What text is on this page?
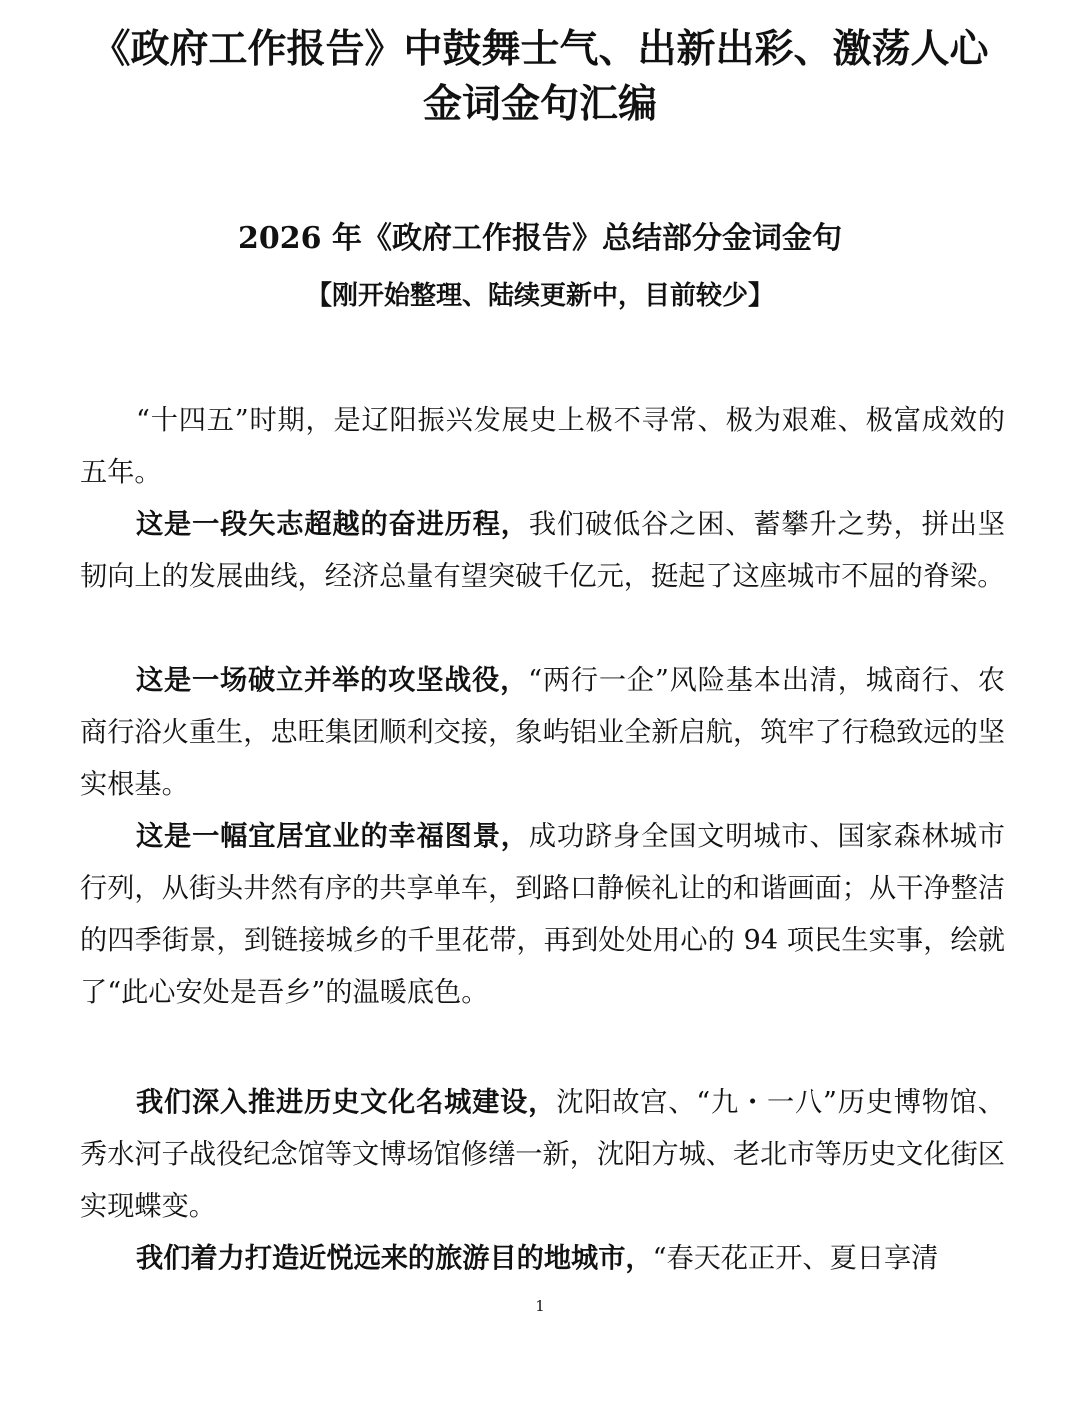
《政府工作报告》中鼓舞士气、出新出彩、激荡人心
金词金句汇编
2026 年《政府工作报告》总结部分金词金句
【刚开始整理、陆续更新中，目前较少】

“十四五”时期，是辽阳振兴发展史上极不寻常、极为艰难、极富成效的五年。

这是一段矢志超越的奋进历程，我们破低谷之困、蓄攀升之势，拼出坚韧向上的发展曲线，经济总量有望突破千亿元，挺起了这座城市不屈的脊梁。

这是一场破立并举的攻坚战役，“两行一企”风险基本出清，城商行、农商行浴火重生，忠旺集团顺利交接，象屿铝业全新启航，筑牢了行稳致远的坚实根基。

这是一幅宜居宜业的幸福图景，成功跻身全国文明城市、国家森林城市行列，从街头井然有序的共享单车，到路口静候礼让的和谐画面；从干净整洁的四季街景，到链接城乡的千里花带，再到处处用心的 94 项民生实事，绘就了“此心安处是吾乡”的温暖底色。

我们深入推进历史文化名城建设，沈阳故宫、“九・一八”历史博物馆、秀水河子战役纪念馆等文博场馆修缮一新，沈阳方城、老北市等历史文化街区实现蝶变。

我们着力打造近悦远来的旅游目的地城市，“春天花正开、夏日享清

1
